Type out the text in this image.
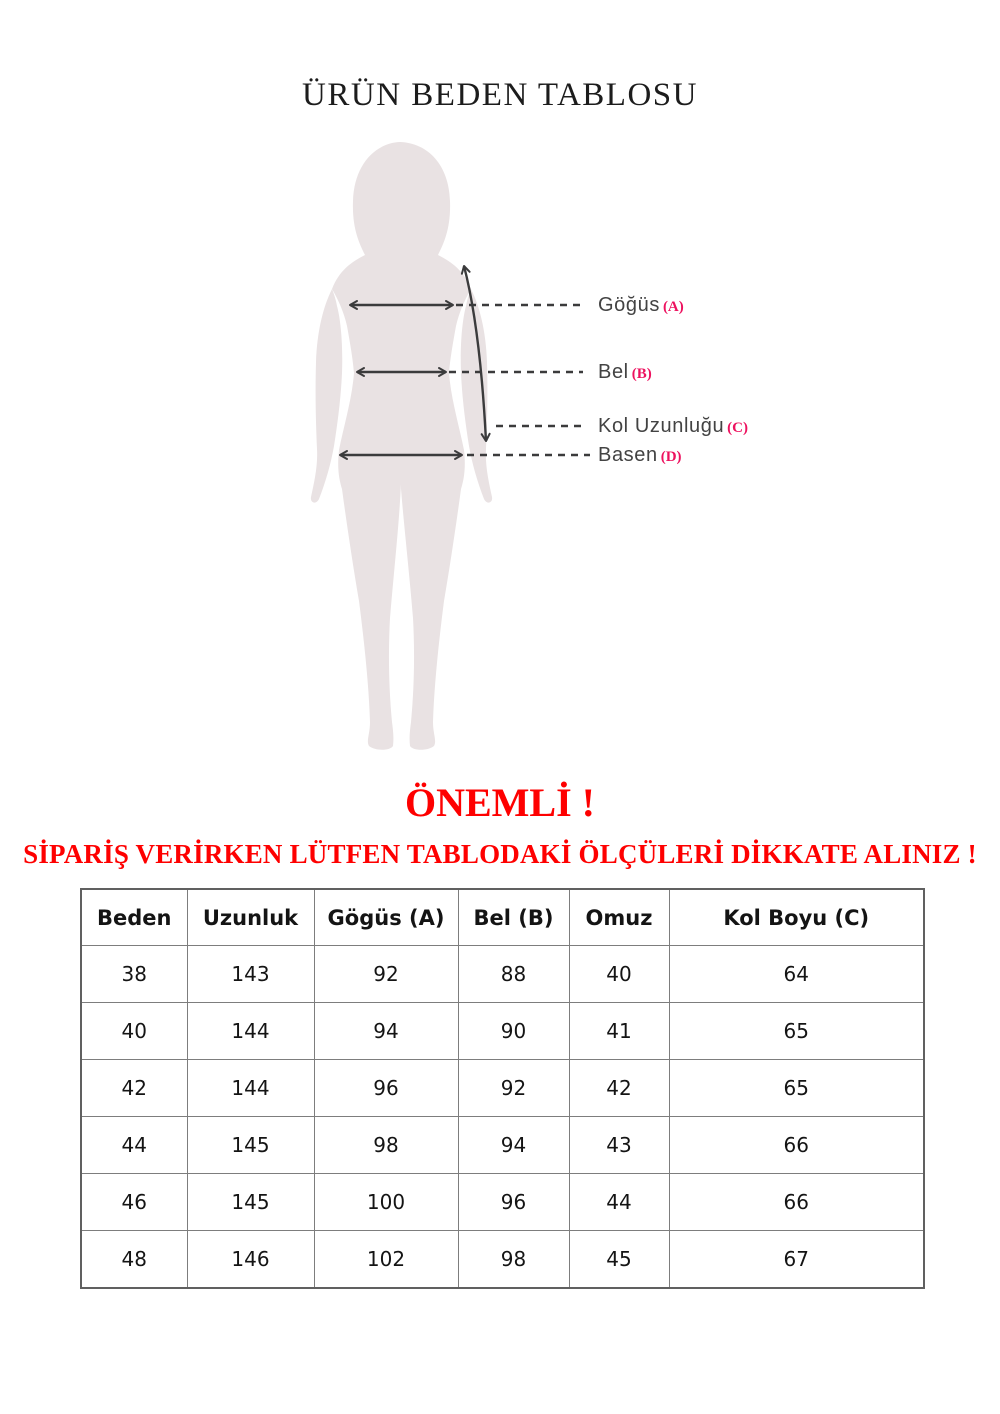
ÜRÜN BEDEN TABLOSU
Göğüs (A)
Bel (B)
Kol Uzunluğu (C)
Basen (D)
ÖNEMLİ !
SİPARİŞ VERİRKEN LÜTFEN TABLODAKİ ÖLÇÜLERİ DİKKATE ALINIZ !
Beden	Uzunluk	Gögüs (A)	Bel (B)	Omuz	Kol Boyu (C)
38	143	92	88	40	64
40	144	94	90	41	65
42	144	96	92	42	65
44	145	98	94	43	66
46	145	100	96	44	66
48	146	102	98	45	67
